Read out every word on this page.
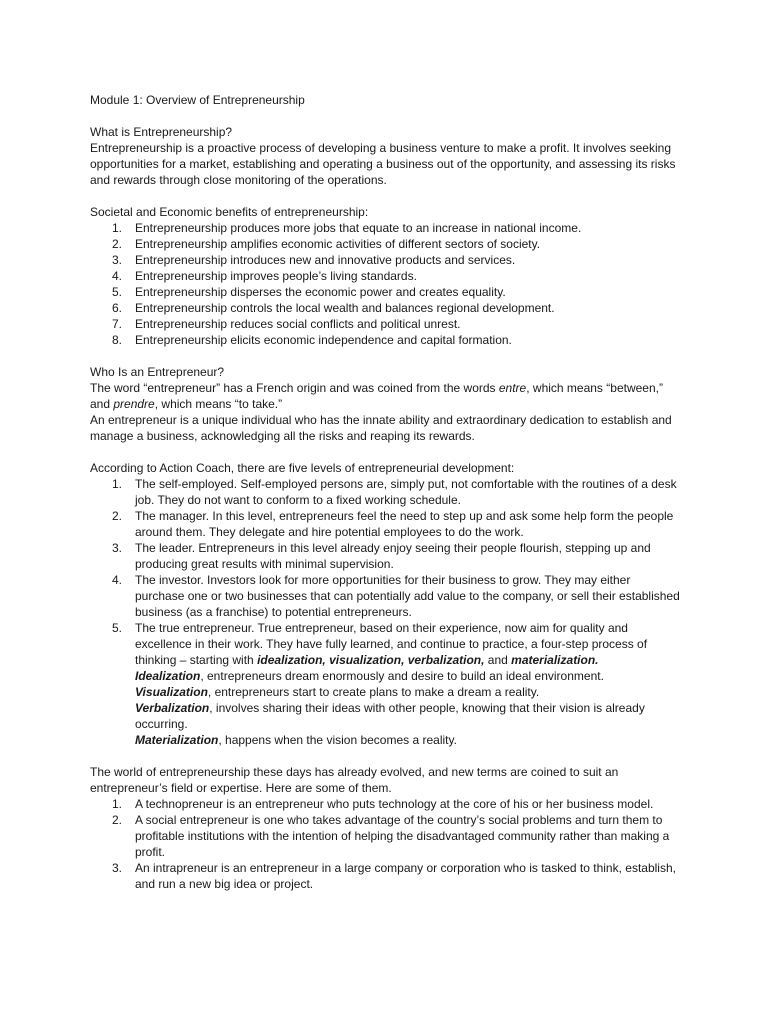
Module 1: Overview of Entrepreneurship

What is Entrepreneurship?

Entrepreneurship is a proactive process of developing a business venture to make a profit. It involves seeking opportunities for a market, establishing and operating a business out of the opportunity, and assessing its risks and rewards through close monitoring of the operations.

Societal and Economic benefits of entrepreneurship:

1. Entrepreneurship produces more jobs that equate to an increase in national income.
2. Entrepreneurship amplifies economic activities of different sectors of society.
3. Entrepreneurship introduces new and innovative products and services.
4. Entrepreneurship improves people’s living standards.
5. Entrepreneurship disperses the economic power and creates equality.
6. Entrepreneurship controls the local wealth and balances regional development.
7. Entrepreneurship reduces social conflicts and political unrest.
8. Entrepreneurship elicits economic independence and capital formation.

Who Is an Entrepreneur?

The word “entrepreneur” has a French origin and was coined from the words entre, which means “between,” and prendre, which means “to take.”

An entrepreneur is a unique individual who has the innate ability and extraordinary dedication to establish and manage a business, acknowledging all the risks and reaping its rewards.

According to Action Coach, there are five levels of entrepreneurial development:

1. The self-employed. Self-employed persons are, simply put, not comfortable with the routines of a desk job. They do not want to conform to a fixed working schedule.
2. The manager. In this level, entrepreneurs feel the need to step up and ask some help form the people around them. They delegate and hire potential employees to do the work.
3. The leader. Entrepreneurs in this level already enjoy seeing their people flourish, stepping up and producing great results with minimal supervision.
4. The investor. Investors look for more opportunities for their business to grow. They may either purchase one or two businesses that can potentially add value to the company, or sell their established business (as a franchise) to potential entrepreneurs.
5. The true entrepreneur. True entrepreneur, based on their experience, now aim for quality and excellence in their work. They have fully learned, and continue to practice, a four-step process of thinking – starting with idealization, visualization, verbalization, and materialization.

Idealization, entrepreneurs dream enormously and desire to build an ideal environment.

Visualization, entrepreneurs start to create plans to make a dream a reality.

Verbalization, involves sharing their ideas with other people, knowing that their vision is already occurring.

Materialization, happens when the vision becomes a reality.

The world of entrepreneurship these days has already evolved, and new terms are coined to suit an entrepreneur’s field or expertise. Here are some of them.

1. A technopreneur is an entrepreneur who puts technology at the core of his or her business model.
2. A social entrepreneur is one who takes advantage of the country’s social problems and turn them to profitable institutions with the intention of helping the disadvantaged community rather than making a profit.
3. An intrapreneur is an entrepreneur in a large company or corporation who is tasked to think, establish, and run a new big idea or project.
